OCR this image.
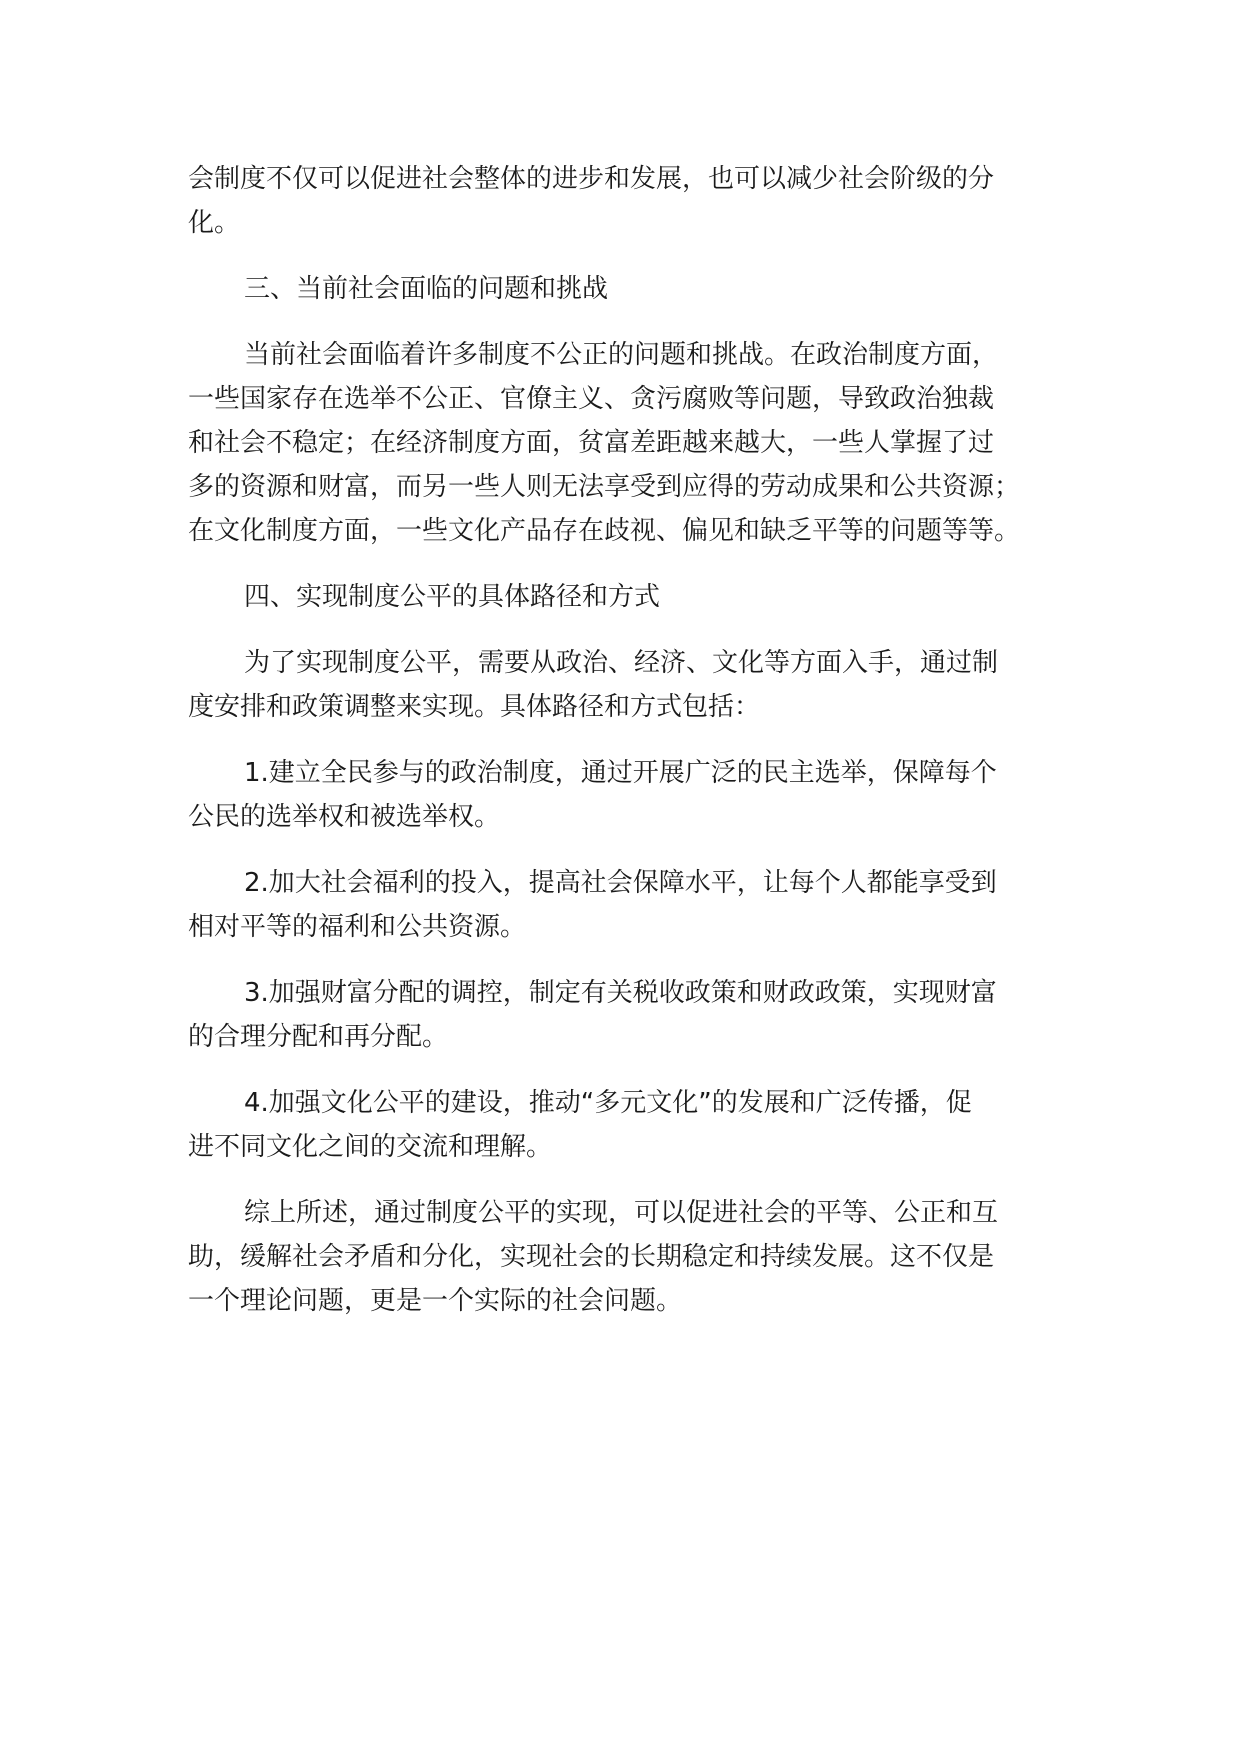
会制度不仅可以促进社会整体的进步和发展，也可以减少社会阶级的分
化。

三、当前社会面临的问题和挑战

当前社会面临着许多制度不公正的问题和挑战。在政治制度方面，
一些国家存在选举不公正、官僚主义、贪污腐败等问题，导致政治独裁
和社会不稳定；在经济制度方面，贫富差距越来越大，一些人掌握了过
多的资源和财富，而另一些人则无法享受到应得的劳动成果和公共资源；
在文化制度方面，一些文化产品存在歧视、偏见和缺乏平等的问题等等。

四、实现制度公平的具体路径和方式

为了实现制度公平，需要从政治、经济、文化等方面入手，通过制
度安排和政策调整来实现。具体路径和方式包括：

1.建立全民参与的政治制度，通过开展广泛的民主选举，保障每个
公民的选举权和被选举权。

2.加大社会福利的投入，提高社会保障水平，让每个人都能享受到
相对平等的福利和公共资源。

3.加强财富分配的调控，制定有关税收政策和财政政策，实现财富
的合理分配和再分配。

4.加强文化公平的建设，推动“多元文化”的发展和广泛传播，促
进不同文化之间的交流和理解。

综上所述，通过制度公平的实现，可以促进社会的平等、公正和互
助，缓解社会矛盾和分化，实现社会的长期稳定和持续发展。这不仅是
一个理论问题，更是一个实际的社会问题。
